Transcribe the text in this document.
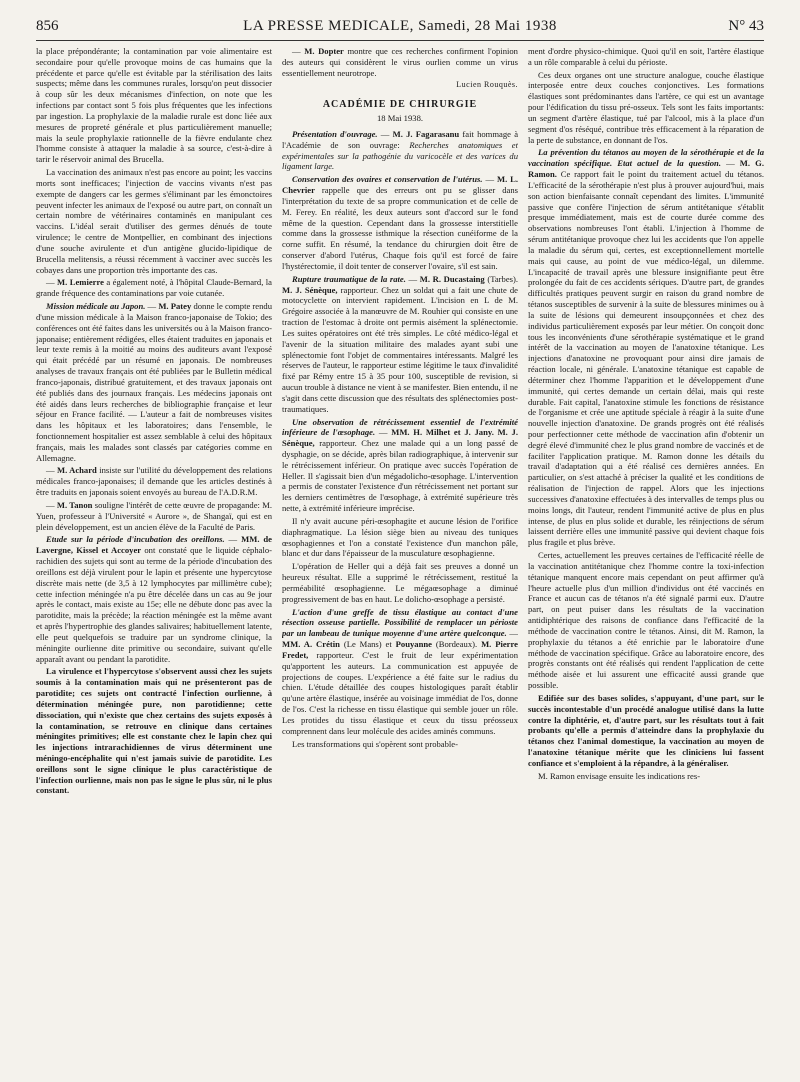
856	LA PRESSE MEDICALE, Samedi, 28 Mai 1938	N° 43

la place prépondérante; la contamination par voie alimentaire est secondaire pour qu'elle provoque moins de cas humains que la précédente et parce qu'elle est évitable par la stérilisation des laits suspects; même dans les communes rurales, lorsqu'on peut dissocier à coup sûr les deux mécanismes d'infection, on note que les infections par contact sont 5 fois plus fréquentes que les infections par ingestion. La prophylaxie de la maladie rurale est donc liée aux mesures de propreté générale et plus particulièrement manuelle; mais la seule prophylaxie rationnelle de la fièvre endulante chez l'homme consiste à attaquer la maladie à sa source, c'est-à-dire à tarir le réservoir animal des Brucella.

La vaccination des animaux n'est pas encore au point; les vaccins morts sont inefficaces; l'injection de vaccins vivants n'est pas exempte de dangers car les germes s'éliminant par les émonctoires peuvent infecter les animaux de l'exposé ou autre part, on connaît un certain nombre de vétérinaires contaminés en manipulant ces vaccins. L'idéal serait d'utiliser des germes dénués de toute virulence; le centre de Montpellier, en combinant des injections d'une souche avirulente et d'un antigène glucido-lipidique de Brucella melitensis, a réussi récemment à vacciner avec succès les cobayes dans une proportion très importante des cas.

— M. Lemierre a également noté, à l'hôpital Claude-Bernard, la grande fréquence des contaminations par voie cutanée.

Mission médicale au Japon. — M. Patey donne le compte rendu d'une mission médicale à la Maison franco-japonaise de Tokio; des conférences ont été faites dans les universités ou à la Maison franco-japonaise; entièrement rédigées, elles étaient traduites en japonais et leur texte remis à la moitié au moins des auditeurs avant l'exposé qui était précédé par un résumé en japonais. De nombreuses analyses de travaux français ont été publiées par le Bulletin médical franco-japonais, distribué gratuitement, et des travaux japonais ont été publiés dans des journaux français. Les médecins japonais ont été aidés dans leurs recherches de bibliographie française et leur séjour en France facilité. — L'auteur a fait de nombreuses visites dans les hôpitaux et les laboratoires; dans l'ensemble, le fonctionnement hospitalier est assez semblable à celui des hôpitaux français, mais les malades sont classés par catégories comme en Allemagne.

— M. Achard insiste sur l'utilité du développement des relations médicales franco-japonaises; il demande que les articles destinés à être traduits en japonais soient envoyés au bureau de l'A.D.R.M.

— M. Tanon souligne l'intérêt de cette œuvre de propagande: M. Yuen, professeur à l'Université « Aurore », de Shangaï, qui est en plein développement, est un ancien élève de la Faculté de Paris.

Etude sur la période d'incubation des oreillons. — MM. de Lavergne, Kissel et Accoyer ont constaté que le liquide céphalo-rachidien des sujets qui sont au terme de la période d'incubation des oreillons est déjà virulent pour le lapin et présente une hypercytose discrète mais nette (de 3,5 à 12 lymphocytes par millimètre cube); cette infection méningée n'a pu être décelée dans un cas au 9e jour après le contact, mais existe au 15e; elle ne débute donc pas avec la parotidite, mais la précède; la réaction méningée est la même avant et après l'hypertrophie des glandes salivaires; habituellement latente, elle peut quelquefois se traduire par un syndrome clinique, la méningite ourlienne dite primitive ou secondaire, suivant qu'elle apparaît avant ou pendant la parotidite.

La virulence et l'hypercytose s'observent aussi chez les sujets soumis à la contamination mais qui ne présenteront pas de parotidite; ces sujets ont contracté l'infection ourlienne, à détermination méningée pure, non parotidienne; cette dissociation, qui n'existe que chez certains des sujets exposés à la contamination, se retrouve en clinique dans certaines méningites primitives; elle est constante chez le lapin chez qui les injections intrarachidiennes de virus déterminent une méningo-encéphalite qui n'est jamais suivie de parotidite. Les oreillons sont le signe clinique le plus caractéristique de l'infection ourlienne, mais non pas le signe le plus sûr, ni le plus constant.

— M. Dopter montre que ces recherches confirment l'opinion des auteurs qui considèrent le virus ourlien comme un virus essentiellement neurotrope.

Lucien Rouquès.
ACADÉMIE DE CHIRURGIE
18 Mai 1938.

Présentation d'ouvrage. — M. J. Fagarasanu fait hommage à l'Académie de son ouvrage: Recherches anatomiques et expérimentales sur la pathogénie du varicocèle et des varices du ligament large.

Conservation des ovaires et conservation de l'utérus. — M. L. Chevrier rappelle que des erreurs ont pu se glisser dans l'interprétation du texte de sa propre communication et de celle de M. Ferey. En réalité, les deux auteurs sont d'accord sur le fond même de la question. Cependant dans la grossesse interstitielle comme dans la grossesse isthmique la résection cunéiforme de la corne suffit. En résumé, la tendance du chirurgien doit être de conserver d'abord l'utérus, Chaque fois qu'il est forcé de faire l'hystérectomie, il doit tenter de conserver l'ovaire, s'il est sain.

Rupture traumatique de la rate. — M. R. Ducastaing (Tarbes). M. J. Sénèque, rapporteur. Chez un soldat qui a fait une chute de motocyclette on intervient rapidement. L'incision en L de M. Grégoire associée à la manœuvre de M. Rouhier qui consiste en une traction de l'estomac à droite ont permis aisément la splénectomie. Les suites opératoires ont été très simples. Le côté médico-légal et l'avenir de la situation militaire des malades ayant subi une splénectomie font l'objet de commentaires intéressants. Malgré les réserves de l'auteur, le rapporteur estime légitime le taux d'invalidité fixé par Rémy entre 15 à 35 pour 100, susceptible de revision, si aucun trouble à distance ne vient à se manifester. Bien entendu, il ne s'agit dans cette discussion que des résultats des splénectomies post-traumatiques.

Une observation de rétrécissement essentiel de l'extrémité inférieure de l'œsophage. — MM. H. Milhet et J. Jany. M. J. Sénèque, rapporteur. Chez une malade qui a un long passé de dysphagie, on se décide, après bilan radiographique, à intervenir sur le rétrécissement inférieur. On pratique avec succès l'opération de Heller. Il s'agissait bien d'un mégadolicho-œsophage. L'intervention a permis de constater l'existence d'un rétrécissement net portant sur les derniers centimètres de l'œsophage, à extrémité supérieure très nette, à extrémité inférieure imprécise.

Il n'y avait aucune péri-œsophagite et aucune lésion de l'orifice diaphragmatique. La lésion siège bien au niveau des tuniques œsophagiennes et l'on a constaté l'existence d'un manchon pâle, blanc et dur dans l'épaisseur de la musculature œsophagienne.

L'opération de Heller qui a déjà fait ses preuves a donné un heureux résultat. Elle a supprimé le rétrécissement, restitué la perméabilité œsophagienne. Le mégaœsophage a diminué progressivement de bas en haut. Le dolicho-œsophage a persisté.

L'action d'une greffe de tissu élastique au contact d'une résection osseuse partielle. Possibilité de remplacer un périoste par un lambeau de tunique moyenne d'une artère quelconque. — MM. A. Crétin (Le Mans) et Pouyanne (Bordeaux). M. Pierre Fredet, rapporteur. C'est le fruit de leur expérimentation qu'apportent les auteurs. La communication est appuyée de projections de coupes. L'expérience a été faite sur le radius du chien. L'étude détaillée des coupes histologiques paraît établir qu'une artère élastique, insérée au voisinage immédiat de l'os, donne de l'os. C'est la richesse en tissu élastique qui semble jouer un rôle. Les protides du tissu élastique et ceux du tissu préosseux comprennent dans leur molécule des acides aminés communs.

Les transformations qui s'opèrent sont probable-

ment d'ordre physico-chimique. Quoi qu'il en soit, l'artère élastique a un rôle comparable à celui du périoste.

Ces deux organes ont une structure analogue, couche élastique interposée entre deux couches conjonctives. Les formations élastiques sont prédominantes dans l'artère, ce qui est un avantage pour l'édification du tissu pré-osseux. Tels sont les faits importants: un segment d'artère élastique, tué par l'alcool, mis à la place d'un segment d'os réséqué, contribue très efficacement à la réparation de la perte de substance, en donnant de l'os.

La prévention du tétanos au moyen de la sérothérapie et de la vaccination spécifique. Etat actuel de la question. — M. G. Ramon. Ce rapport fait le point du traitement actuel du tétanos. L'efficacité de la sérothérapie n'est plus à prouver aujourd'hui, mais son action bienfaisante connaît cependant des limites. L'immunité passive que confère l'injection de sérum antitétanique s'établit presque immédiatement, mais est de courte durée comme des observations nombreuses l'ont établi. L'injection à l'homme de sérum antitétanique provoque chez lui les accidents que l'on appelle la maladie du sérum qui, certes, est exceptionnellement mortelle mais qui cause, au point de vue médico-légal, un dilemme. L'incapacité de travail après une blessure insignifiante peut être prolongée du fait de ces accidents sériques. D'autre part, de grandes difficultés pratiques peuvent surgir en raison du grand nombre de tétanos susceptibles de survenir à la suite de blessures minimes ou à la suite de lésions qui demeurent insoupçonnées et chez des individus particulièrement exposés par leur métier. On conçoit donc tous les inconvénients d'une sérothérapie systématique et le grand intérêt de la vaccination au moyen de l'anatoxine tétanique. Les injections d'anatoxine ne provoquant pour ainsi dire jamais de réaction locale, ni générale. L'anatoxine tétanique est capable de déterminer chez l'homme l'apparition et le développement d'une immunité, qui certes demande un certain délai, mais qui reste durable. Fait capital, l'anatoxine stimule les fonctions de résistance de l'organisme et crée une aptitude spéciale à réagir à la suite d'une nouvelle injection d'anatoxine. De grands progrès ont été réalisés pour perfectionner cette méthode de vaccination afin d'obtenir un degré élevé d'immunité chez le plus grand nombre de vaccinés et de faciliter l'application pratique. M. Ramon donne les détails du travail d'adaptation qui a été réalisé ces dernières années. En particulier, on s'est attaché à préciser la qualité et les conditions de réalisation de l'injection de rappel. Alors que les injections successives d'anatoxine effectuées à des intervalles de temps plus ou moins longs, dit l'auteur, rendent l'immunité active de plus en plus intense, de plus en plus solide et durable, les réinjections de sérum laissent derrière elles une immunité passive qui devient chaque fois plus fragile et plus brève.

Certes, actuellement les preuves certaines de l'efficacité réelle de la vaccination antitétanique chez l'homme contre la toxi-infection tétanique manquent encore mais cependant on peut affirmer qu'à l'heure actuelle plus d'un million d'individus ont été vaccinés en France et aucun cas de tétanos n'a été signalé parmi eux. D'autre part, on peut puiser dans les résultats de la vaccination antidiphtérique des raisons de confiance dans l'efficacité de la méthode de vaccination contre le tétanos. Ainsi, dit M. Ramon, la prophylaxie du tétanos a été enrichie par le laboratoire d'une méthode de vaccination spécifique. Grâce au laboratoire encore, des progrès constants ont été réalisés qui rendent l'application de cette méthode aisée et lui assurent une efficacité aussi grande que possible.

Edifiée sur des bases solides, s'appuyant, d'une part, sur le succès incontestable d'un procédé analogue utilisé dans la lutte contre la diphtérie, et, d'autre part, sur les résultats tout à fait probants qu'elle a permis d'atteindre dans la prophylaxie du tétanos chez l'animal domestique, la vaccination au moyen de l'anatoxine tétanique mérite que les cliniciens lui fassent confiance et s'emploient à la répandre, à la généraliser.

M. Ramon envisage ensuite les indications res-
